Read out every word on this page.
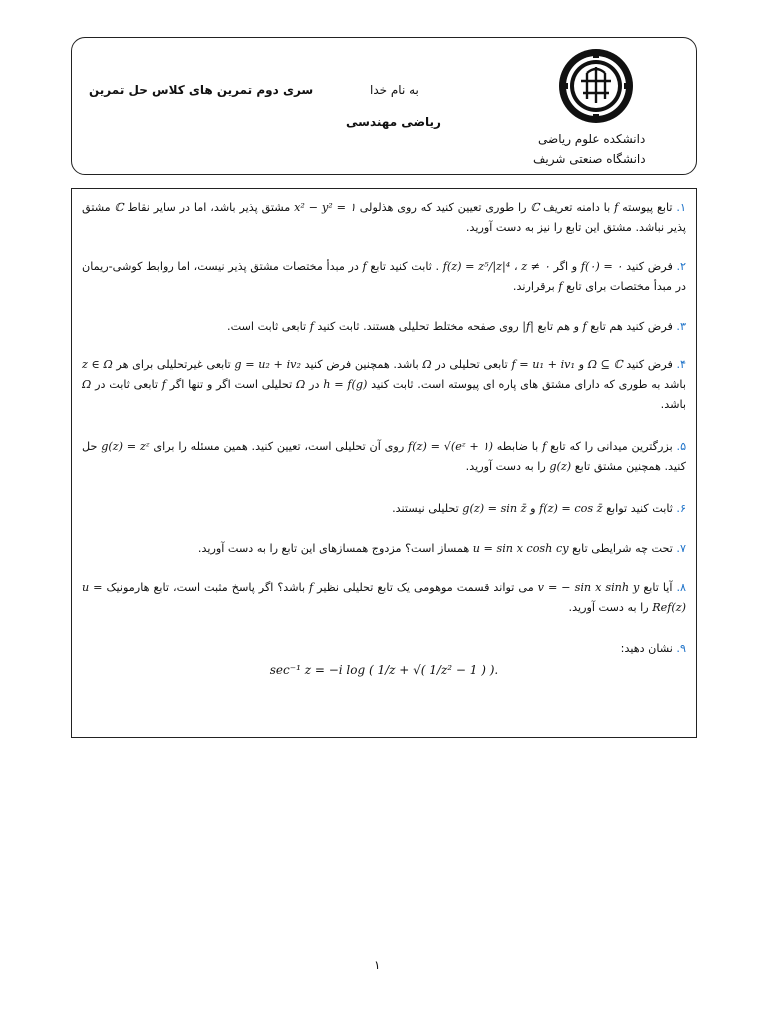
سری دوم تمرین های کلاس حل تمرین	به نام خدا
ریاضی مهندسی
دانشکده علوم ریاضی
دانشگاه صنعتی شریف
۱. تابع پیوسته f با دامنه تعریف ℂ را طوری تعیین کنید که روی هذلولی x² − y² = ۱ مشتق پذیر باشد، اما در سایر نقاط ℂ مشتق پذیر نباشد. مشتق این تابع را نیز به دست آورید.
۲. فرض کنید f(۰) = ۰ و اگر z ≠ ۰ ، f(z) = z⁵/|z|⁴ . ثابت کنید تابع f در مبدأ مختصات مشتق پذیر نیست، اما روابط کوشی-ریمان در مبدأ مختصات برای تابع f برقرارند.
۳. فرض کنید هم تابع f و هم تابع |f| روی صفحه مختلط تحلیلی هستند. ثابت کنید f تابعی ثابت است.
۴. فرض کنید Ω ⊆ ℂ و f = u₁ + iv₁ تابعی تحلیلی در Ω باشد. همچنین فرض کنید g = u₂ + iv₂ تابعی غیرتحلیلی برای هر z ∈ Ω باشد به طوری که دارای مشتق های پاره ای پیوسته است. ثابت کنید h = f(g) در Ω تحلیلی است اگر و تنها اگر f تابعی ثابت در Ω باشد.
۵. بزرگترین میدانی را که تابع f با ضابطه f(z) = √(eᶻ + ۱) روی آن تحلیلی است، تعیین کنید. همین مسئله را برای g(z) = zᶻ حل کنید. همچنین مشتق تابع g(z) را به دست آورید.
۶. ثابت کنید توابع f(z) = cos z̄ و g(z) = sin z̄ تحلیلی نیستند.
۷. تحت چه شرایطی تابع u = sin x cosh cy همساز است؟ مزدوج همسازهای این تابع را به دست آورید.
۸. آیا تابع v = − sin x sinh y می تواند قسمت موهومی یک تابع تحلیلی نظیر f باشد؟ اگر پاسخ مثبت است، تابع هارمونیک u = Ref(z) را به دست آورید.
۹. نشان دهید:
sec⁻¹ z = −i log ( 1/z + √( 1/z² − 1 ) ).
۱
